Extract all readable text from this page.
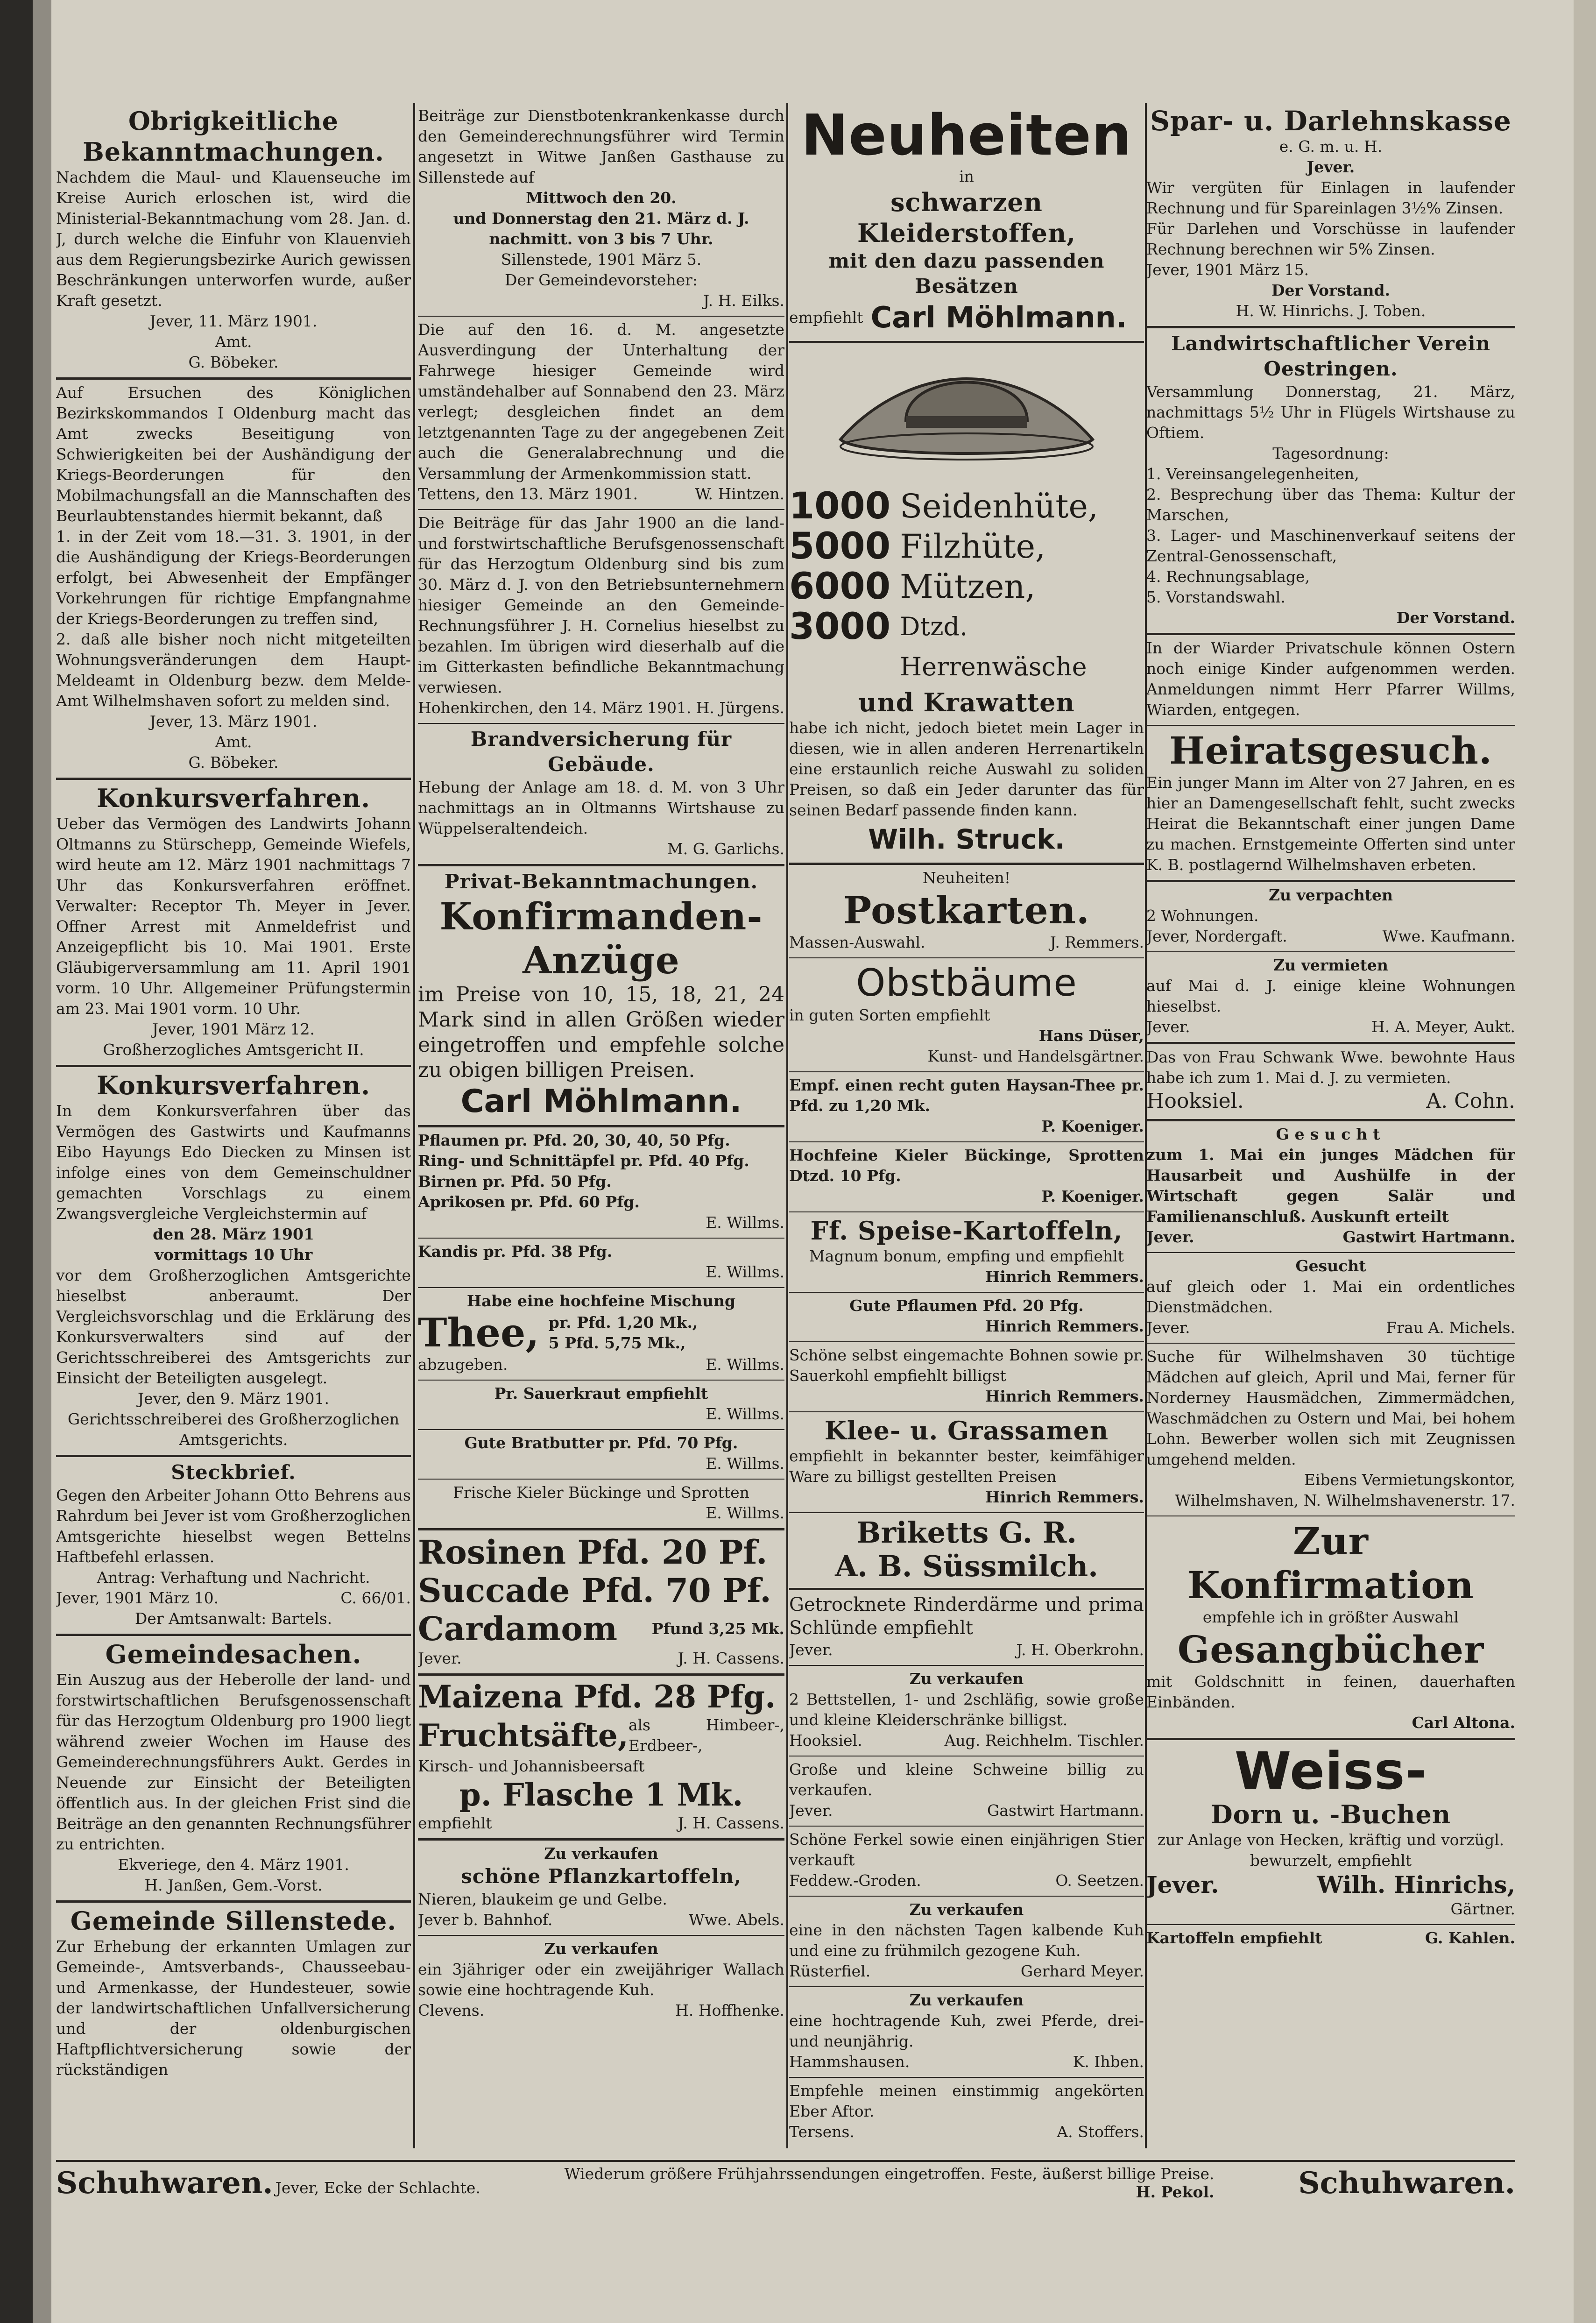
Obrigkeitliche Bekanntmachungen.
Nachdem die Maul- und Klauenseuche im Kreise Aurich erloschen ist, wird die Ministerial-Bekanntmachung vom 28. Jan. d. J, durch welche die Einfuhr von Klauenvieh aus dem Regierungsbezirke Aurich gewissen Beschränkungen unterworfen wurde, außer Kraft gesetzt.
Jever, 11. März 1901.
Amt.
G. Böbeker.
Auf Ersuchen des Königlichen Bezirkskommandos I Oldenburg macht das Amt zwecks Beseitigung von Schwierigkeiten bei der Aushändigung der Kriegs-Beorderungen für den Mobilmachungsfall an die Mannschaften des Beurlaubtenstandes hiermit bekannt, daß
1. in der Zeit vom 18.—31. 3. 1901, in der die Aushändigung der Kriegs-Beorderungen erfolgt, bei Abwesenheit der Empfänger Vorkehrungen für richtige Empfangnahme der Kriegs-Beorderungen zu treffen sind,
2. daß alle bisher noch nicht mitgeteilten Wohnungsveränderungen dem Haupt-Meldeamt in Oldenburg bezw. dem Melde-Amt Wilhelmshaven sofort zu melden sind.
Jever, 13. März 1901.
Amt.
G. Böbeker.
Konkursverfahren.
Ueber das Vermögen des Landwirts Johann Oltmanns zu Stürschepp, Gemeinde Wiefels, wird heute am 12. März 1901 nachmittags 7 Uhr das Konkursverfahren eröffnet. Verwalter: Receptor Th. Meyer in Jever. Offner Arrest mit Anmeldefrist und Anzeigepflicht bis 10. Mai 1901. Erste Gläubigerversammlung am 11. April 1901 vorm. 10 Uhr. Allgemeiner Prüfungstermin am 23. Mai 1901 vorm. 10 Uhr.
Jever, 1901 März 12.
Großherzogliches Amtsgericht II.
Konkursverfahren.
In dem Konkursverfahren über das Vermögen des Gastwirts und Kaufmanns Eibo Hayungs Edo Diecken zu Minsen ist infolge eines von dem Gemeinschuldner gemachten Vorschlags zu einem Zwangsvergleiche Vergleichstermin auf
den 28. März 1901
vormittags 10 Uhr
vor dem Großherzoglichen Amtsgerichte hieselbst anberaumt. Der Vergleichsvorschlag und die Erklärung des Konkursverwalters sind auf der Gerichtsschreiberei des Amtsgerichts zur Einsicht der Beteiligten ausgelegt.
Jever, den 9. März 1901.
Gerichtsschreiberei des Großherzoglichen Amtsgerichts.
Steckbrief.
Gegen den Arbeiter Johann Otto Behrens aus Rahrdum bei Jever ist vom Großherzoglichen Amtsgerichte hieselbst wegen Bettelns Haftbefehl erlassen.
Antrag: Verhaftung und Nachricht.
Jever, 1901 März 10.	C. 66/01.
Der Amtsanwalt: Bartels.
Gemeindesachen.
Ein Auszug aus der Heberolle der land- und forstwirtschaftlichen Berufsgenossenschaft für das Herzogtum Oldenburg pro 1900 liegt während zweier Wochen im Hause des Gemeinderechnungsführers Aukt. Gerdes in Neuende zur Einsicht der Beteiligten öffentlich aus. In der gleichen Frist sind die Beiträge an den genannten Rechnungsführer zu entrichten.
Ekveriege, den 4. März 1901.
H. Janßen, Gem.-Vorst.
Gemeinde Sillenstede.
Zur Erhebung der erkannten Umlagen zur Gemeinde-, Amtsverbands-, Chausseebau- und Armenkasse, der Hundesteuer, sowie der landwirtschaftlichen Unfallversicherung und der oldenburgischen Haftpflichtversicherung sowie der rückständigen
Beiträge zur Dienstbotenkrankenkasse durch den Gemeinderechnungsführer wird Termin angesetzt in Witwe Janßen Gasthause zu Sillenstede auf
Mittwoch den 20.
und Donnerstag den 21. März d. J. nachmitt. von 3 bis 7 Uhr.
Sillenstede, 1901 März 5.
Der Gemeindevorsteher:
J. H. Eilks.
Die auf den 16. d. M. angesetzte Ausverdingung der Unterhaltung der Fahrwege hiesiger Gemeinde wird umständehalber auf Sonnabend den 23. März verlegt; desgleichen findet an dem letztgenannten Tage zu der angegebenen Zeit auch die Generalabrechnung und die Versammlung der Armenkommission statt.
Tettens, den 13. März 1901.	W. Hintzen.
Die Beiträge für das Jahr 1900 an die land- und forstwirtschaftliche Berufsgenossenschaft für das Herzogtum Oldenburg sind bis zum 30. März d. J. von den Betriebsunternehmern hiesiger Gemeinde an den Gemeinde-Rechnungsführer J. H. Cornelius hieselbst zu bezahlen. Im übrigen wird dieserhalb auf die im Gitterkasten befindliche Bekanntmachung verwiesen.
Hohenkirchen, den 14. März 1901. H. Jürgens.
Brandversicherung für Gebäude.
Hebung der Anlage am 18. d. M. von 3 Uhr nachmittags an in Oltmanns Wirtshause zu Wüppelseraltendeich.
M. G. Garlichs.
Privat-Bekanntmachungen.
Konfirmanden-
Anzüge
im Preise von 10, 15, 18, 21, 24 Mark sind in allen Größen wieder eingetroffen und empfehle solche zu obigen billigen Preisen.
Carl Möhlmann.
Pflaumen pr. Pfd. 20, 30, 40, 50 Pfg.
Ring- und Schnittäpfel pr. Pfd. 40 Pfg.
Birnen pr. Pfd. 50 Pfg.
Aprikosen pr. Pfd. 60 Pfg.
E. Willms.
Kandis pr. Pfd. 38 Pfg.
E. Willms.
Habe eine hochfeine Mischung
Thee, pr. Pfd. 1,20 Mk.,
5 Pfd. 5,75 Mk.,
abzugeben.	E. Willms.
Pr. Sauerkraut empfiehlt
E. Willms.
Gute Bratbutter pr. Pfd. 70 Pfg.
E. Willms.
Frische Kieler Bückinge und Sprotten
E. Willms.
Rosinen Pfd. 20 Pf.
Succade Pfd. 70 Pf.
Cardamom Pfund 3,25 Mk.
Jever.	J. H. Cassens.
Maizena Pfd. 28 Pfg.
Fruchtsäfte, als Himbeer-, Erdbeer-,
Kirsch- und Johannisbeersaft
p. Flasche 1 Mk.
empfiehlt	J. H. Cassens.
Zu verkaufen
schöne Pflanzkartoffeln,
Nieren, blaukeim ge und Gelbe.
Jever b. Bahnhof.	Wwe. Abels.
Zu verkaufen
ein 3jähriger oder ein zweijähriger Wallach sowie eine hochtragende Kuh.
Clevens.	H. Hoffhenke.
Neuheiten
in
schwarzen Kleiderstoffen,
mit den dazu passenden
Besätzen
empfiehlt Carl Möhlmann.
1000 Seidenhüte,
5000 Filzhüte,
6000 Mützen,
3000 Dtzd. Herrenwäsche
und Krawatten
habe ich nicht, jedoch bietet mein Lager in diesen, wie in allen anderen Herrenartikeln eine erstaunlich reiche Auswahl zu soliden Preisen, so daß ein Jeder darunter das für seinen Bedarf passende finden kann.
Wilh. Struck.
Neuheiten!
Postkarten.
Massen-Auswahl.	J. Remmers.
Obstbäume
in guten Sorten empfiehlt
Hans Düser,
Kunst- und Handelsgärtner.
Empf. einen recht guten Haysan-Thee pr. Pfd. zu 1,20 Mk.
P. Koeniger.
Hochfeine Kieler Bückinge, Sprotten Dtzd. 10 Pfg.
P. Koeniger.
Ff. Speise-Kartoffeln,
Magnum bonum, empfing und empfiehlt
Hinrich Remmers.
Gute Pflaumen Pfd. 20 Pfg.
Hinrich Remmers.
Schöne selbst eingemachte Bohnen sowie pr. Sauerkohl empfiehlt billigst
Hinrich Remmers.
Klee- u. Grassamen
empfiehlt in bekannter bester, keimfähiger Ware zu billigst gestellten Preisen
Hinrich Remmers.
Briketts G. R.
A. B. Süssmilch.
Getrocknete Rinderdärme und prima Schlünde empfiehlt
Jever.	J. H. Oberkrohn.
Zu verkaufen
2 Bettstellen, 1- und 2schläfig, sowie große und kleine Kleiderschränke billigst.
Hooksiel.	Aug. Reichhelm. Tischler.
Große und kleine Schweine billig zu verkaufen.
Jever.	Gastwirt Hartmann.
Schöne Ferkel sowie einen einjährigen Stier verkauft
Feddew.-Groden.	O. Seetzen.
Zu verkaufen
eine in den nächsten Tagen kalbende Kuh und eine zu frühmilch gezogene Kuh.
Rüsterfiel.	Gerhard Meyer.
Zu verkaufen
eine hochtragende Kuh, zwei Pferde, drei- und neunjährig.
Hammshausen.	K. Ihben.
Empfehle meinen einstimmig angekörten Eber Aftor.
Tersens.	A. Stoffers.
Spar- u. Darlehnskasse
e. G. m. u. H.
Jever.
Wir vergüten für Einlagen in laufender Rechnung und für Spareinlagen 3½% Zinsen.
Für Darlehen und Vorschüsse in laufender Rechnung berechnen wir 5% Zinsen.
Jever, 1901 März 15.
Der Vorstand.
H. W. Hinrichs. J. Toben.
Landwirtschaftlicher Verein Oestringen.
Versammlung Donnerstag, 21. März, nachmittags 5½ Uhr in Flügels Wirtshause zu Oftiem.
Tagesordnung:
1. Vereinsangelegenheiten,
2. Besprechung über das Thema: Kultur der Marschen,
3. Lager- und Maschinenverkauf seitens der Zentral-Genossenschaft,
4. Rechnungsablage,
5. Vorstandswahl.
Der Vorstand.
In der Wiarder Privatschule können Ostern noch einige Kinder aufgenommen werden. Anmeldungen nimmt Herr Pfarrer Willms, Wiarden, entgegen.
Heiratsgesuch.
Ein junger Mann im Alter von 27 Jahren, en es hier an Damengesellschaft fehlt, sucht zwecks Heirat die Bekanntschaft einer jungen Dame zu machen. Ernstgemeinte Offerten sind unter K. B. postlagernd Wilhelmshaven erbeten.
Zu verpachten
2 Wohnungen.
Jever, Nordergaft.	Wwe. Kaufmann.
Zu vermieten
auf Mai d. J. einige kleine Wohnungen hieselbst.
Jever.	H. A. Meyer, Aukt.
Das von Frau Schwank Wwe. bewohnte Haus habe ich zum 1. Mai d. J. zu vermieten.
Hooksiel.	A. Cohn.
Gesucht
zum 1. Mai ein junges Mädchen für Hausarbeit und Aushülfe in der Wirtschaft gegen Salär und Familienanschluß. Auskunft erteilt
Jever.	Gastwirt Hartmann.
Gesucht
auf gleich oder 1. Mai ein ordentliches Dienstmädchen.
Jever.	Frau A. Michels.
Suche für Wilhelmshaven 30 tüchtige Mädchen auf gleich, April und Mai, ferner für Norderney Hausmädchen, Zimmermädchen, Waschmädchen zu Ostern und Mai, bei hohem Lohn. Bewerber wollen sich mit Zeugnissen umgehend melden.
Eibens Vermietungskontor,
Wilhelmshaven, N. Wilhelmshavenerstr. 17.
Zur Konfirmation
empfehle ich in größter Auswahl
Gesangbücher
mit Goldschnitt in feinen, dauerhaften Einbänden.
Carl Altona.
Weiss-
Dorn u. -Buchen
zur Anlage von Hecken, kräftig und vorzügl. bewurzelt, empfiehlt
Jever.	Wilh. Hinrichs,
Gärtner.
Kartoffeln empfiehlt	G. Kahlen.
Schuhwaren. Jever, Ecke der Schlachte.
Wiederum größere Frühjahrssendungen eingetroffen. Feste, äußerst billige Preise.
H. Pekol.	Schuhwaren.
